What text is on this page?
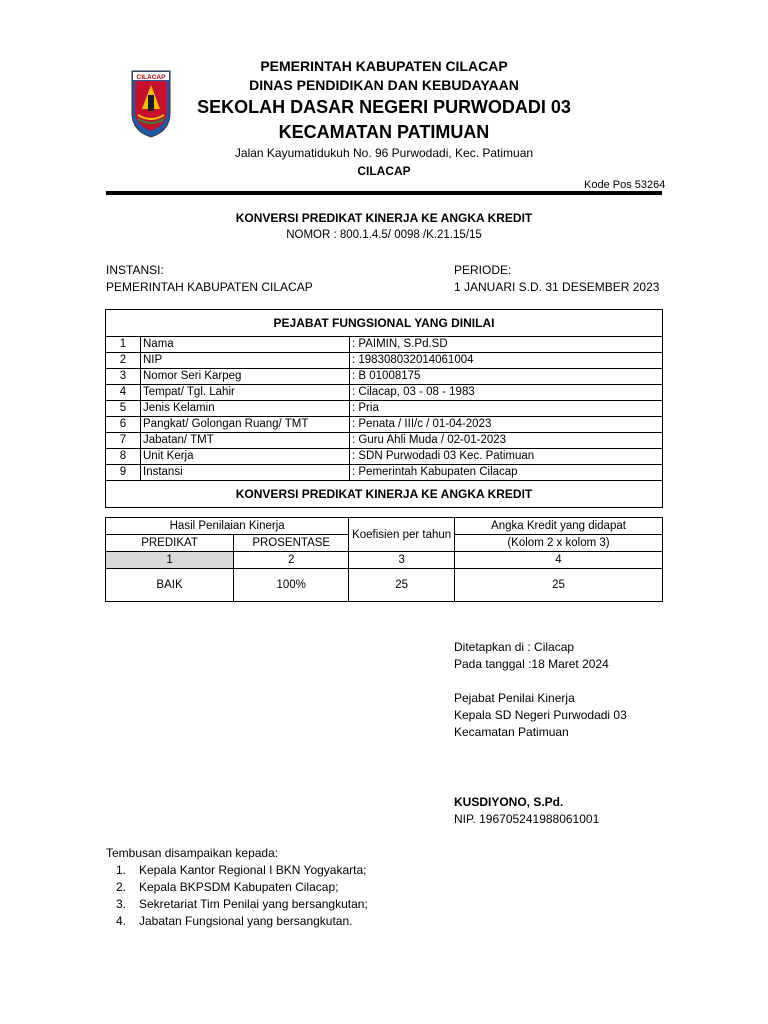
CILACAP
PEMERINTAH KABUPATEN CILACAP
DINAS PENDIDIKAN DAN KEBUDAYAAN
SEKOLAH DASAR NEGERI PURWODADI 03
KECAMATAN PATIMUAN
Jalan Kayumatidukuh No. 96 Purwodadi, Kec. Patimuan
CILACAP
Kode Pos 53264
KONVERSI PREDIKAT KINERJA KE ANGKA KREDIT
NOMOR : 800.1.4.5/ 0098 /K.21.15/15
INSTANSI:
PEMERINTAH KABUPATEN CILACAP
PERIODE:
1 JANUARI S.D. 31 DESEMBER 2023
PEJABAT FUNGSIONAL YANG DINILAI		
1	Nama	: PAIMIN, S.Pd.SD
2	NIP	: 198308032014061004
3	Nomor Seri Karpeg	: B 01008175
4	Tempat/ Tgl. Lahir	: Cilacap, 03 - 08 - 1983
5	Jenis Kelamin	: Pria
6	Pangkat/ Golongan Ruang/ TMT	: Penata / III/c / 01-04-2023
7	Jabatan/ TMT	: Guru Ahli Muda / 02-01-2023
8	Unit Kerja	: SDN Purwodadi 03 Kec. Patimuan
9	Instansi	: Pemerintah Kabupaten Cilacap
KONVERSI PREDIKAT KINERJA KE ANGKA KREDIT		
Hasil Penilaian Kinerja		Koefisien per tahun	Angka Kredit yang didapat
PREDIKAT	PROSENTASE		(Kolom 2 x kolom 3)
1	2	3	4
BAIK	100%	25	25
Ditetapkan di : Cilacap
Pada tanggal :18 Maret 2024
Pejabat Penilai Kinerja
Kepala SD Negeri Purwodadi 03
Kecamatan Patimuan
KUSDIYONO, S.Pd.
NIP. 196705241988061001
Tembusan disampaikan kepada:
1. Kepala Kantor Regional I BKN Yogyakarta;
2. Kepala BKPSDM Kabupaten Cilacap;
3. Sekretariat Tim Penilai yang bersangkutan;
4. Jabatan Fungsional yang bersangkutan.
